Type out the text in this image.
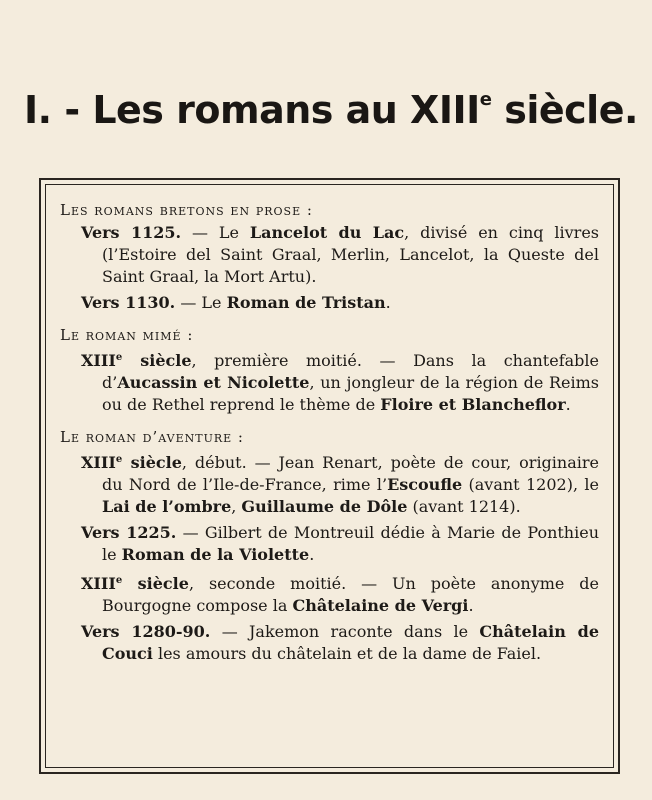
I. - Les romans au XIIIe siècle.
Les romans bretons en prose :

Vers 1125. — Le Lancelot du Lac, divisé en cinq livres (l’Estoire del Saint Graal, Merlin, Lancelot, la Queste del Saint Graal, la Mort Artu).

Vers 1130. — Le Roman de Tristan.

Le roman mimé :

XIIIe siècle, première moitié. — Dans la chantefable d’Aucassin et Nicolette, un jongleur de la région de Reims ou de Rethel reprend le thème de Floire et Blancheflor.

Le roman d’aventure :

XIIIe siècle, début. — Jean Renart, poète de cour, originaire du Nord de l’Ile-de-France, rime l’Escoufle (avant 1202), le Lai de l’ombre, Guillaume de Dôle (avant 1214).

Vers 1225. — Gilbert de Montreuil dédie à Marie de Ponthieu le Roman de la Violette.

XIIIe siècle, seconde moitié. — Un poète anonyme de Bourgogne compose la Châtelaine de Vergi.

Vers 1280-90. — Jakemon raconte dans le Châtelain de Couci les amours du châtelain et de la dame de Faiel.
